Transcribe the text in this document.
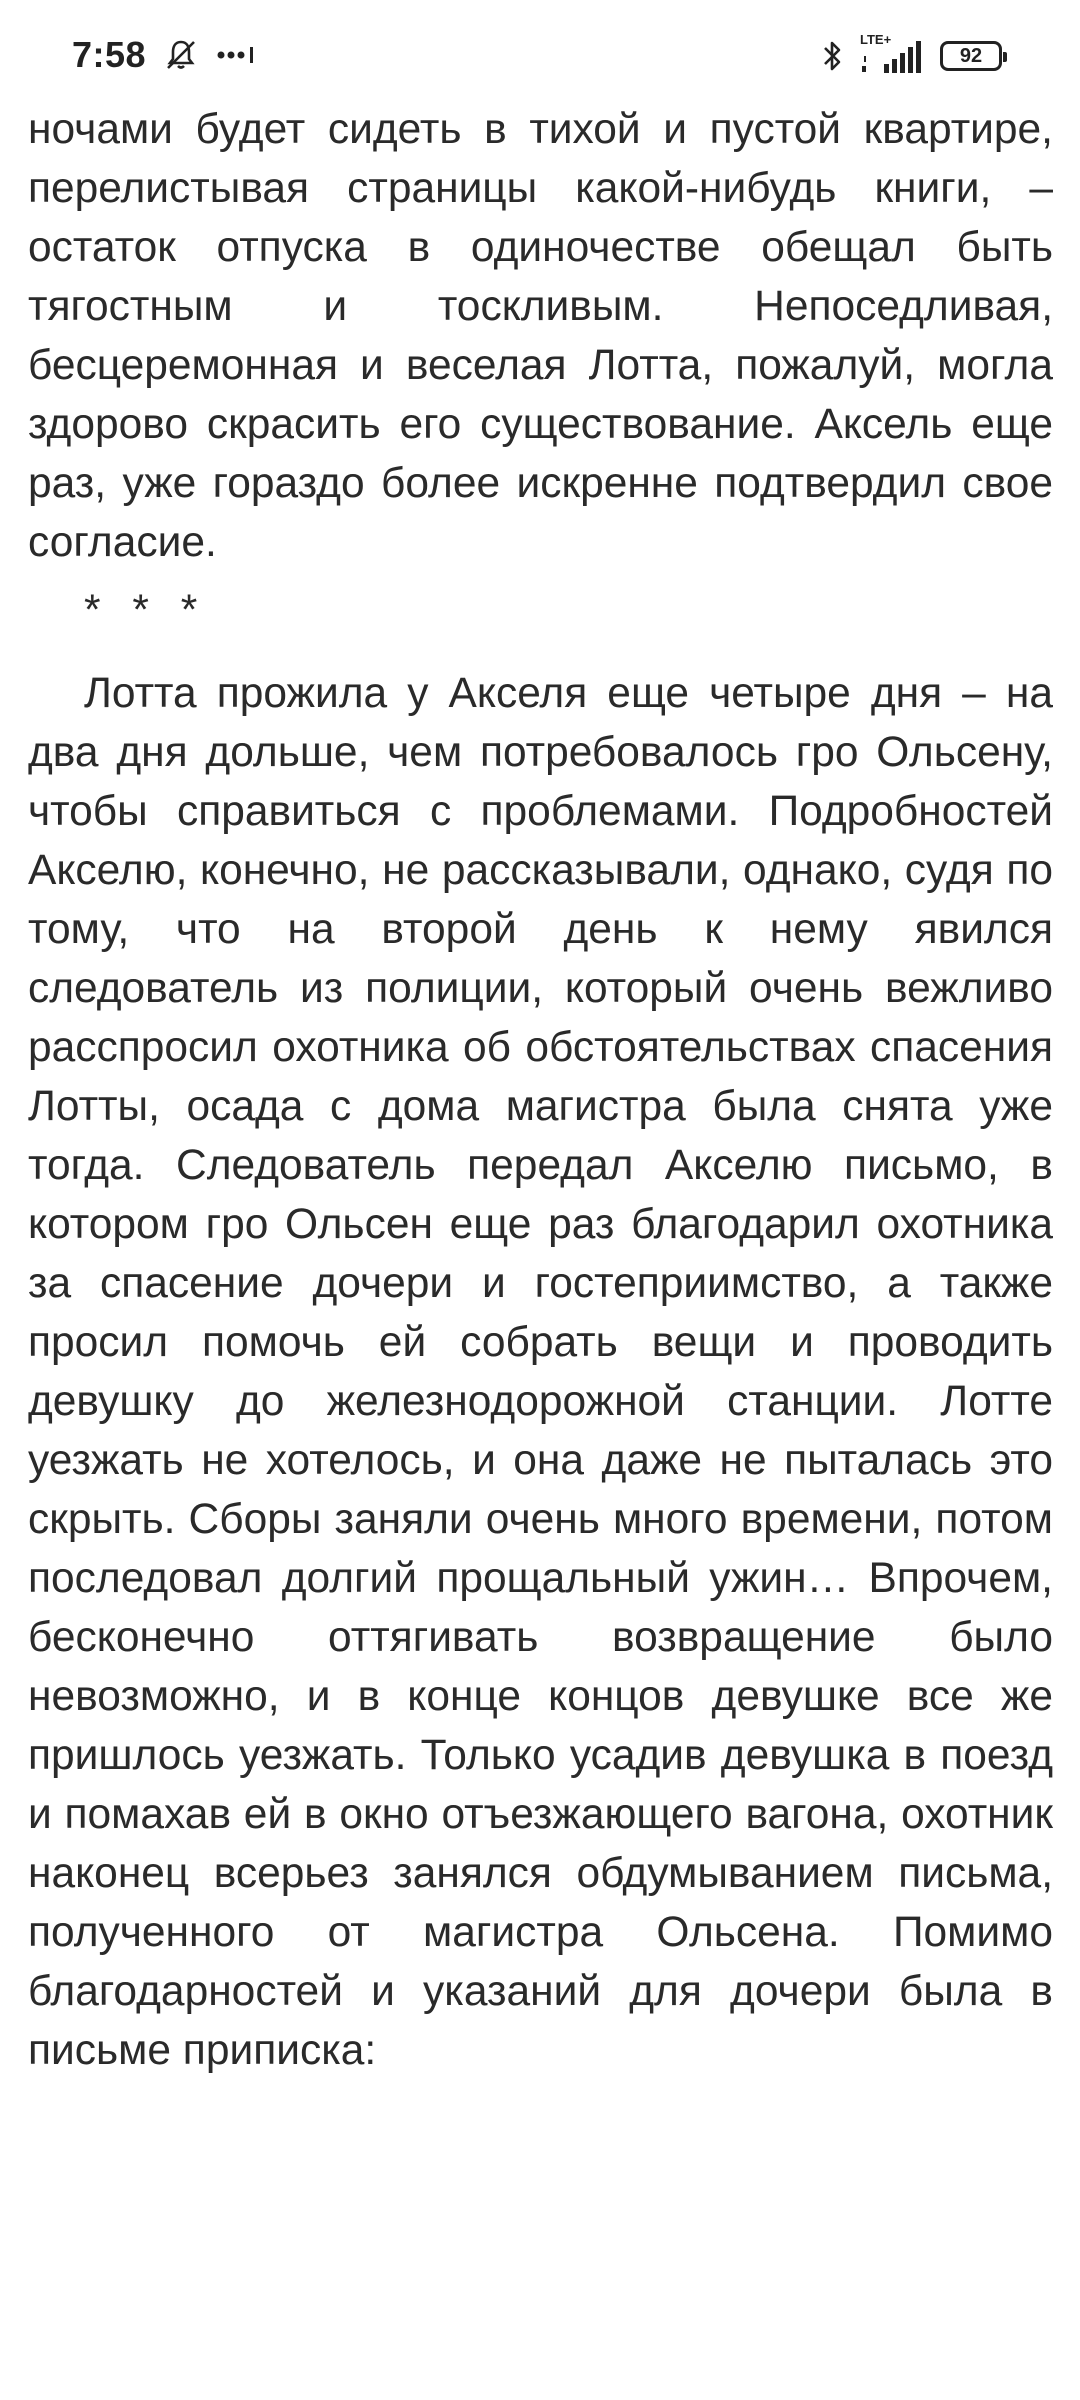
7:58	LTE+
92

ночами будет сидеть в тихой и пустой квартире, перелистывая страницы какой-нибудь книги, – остаток отпуска в одиночестве обещал быть тягостным и тоскливым. Непоседливая, бесцеремонная и веселая Лотта, пожалуй, могла здорово скрасить его существование. Аксель еще раз, уже гораздо более искренне подтвердил свое согласие.

* * *

Лотта прожила у Акселя еще четыре дня – на два дня дольше, чем потребовалось гро Ольсену, чтобы справиться с проблемами. Подробностей Акселю, конечно, не рассказывали, однако, судя по тому, что на второй день к нему явился следователь из полиции, который очень вежливо расспросил охотника об обстоятельствах спасения Лотты, осада с дома магистра была снята уже тогда. Следователь передал Акселю письмо, в котором гро Ольсен еще раз благодарил охотника за спасение дочери и гостеприимство, а также просил помочь ей собрать вещи и проводить девушку до железнодорожной станции. Лотте уезжать не хотелось, и она даже не пыталась это скрыть. Сборы заняли очень много времени, потом последовал долгий прощальный ужин… Впрочем, бесконечно оттягивать возвращение было невозможно, и в конце концов девушке все же пришлось уезжать. Только усадив девушка в поезд и помахав ей в окно отъезжающего вагона, охотник наконец всерьез занялся обдумыванием письма, полученного от магистра Ольсена. Помимо благодарностей и указаний для дочери была в письме приписка:
